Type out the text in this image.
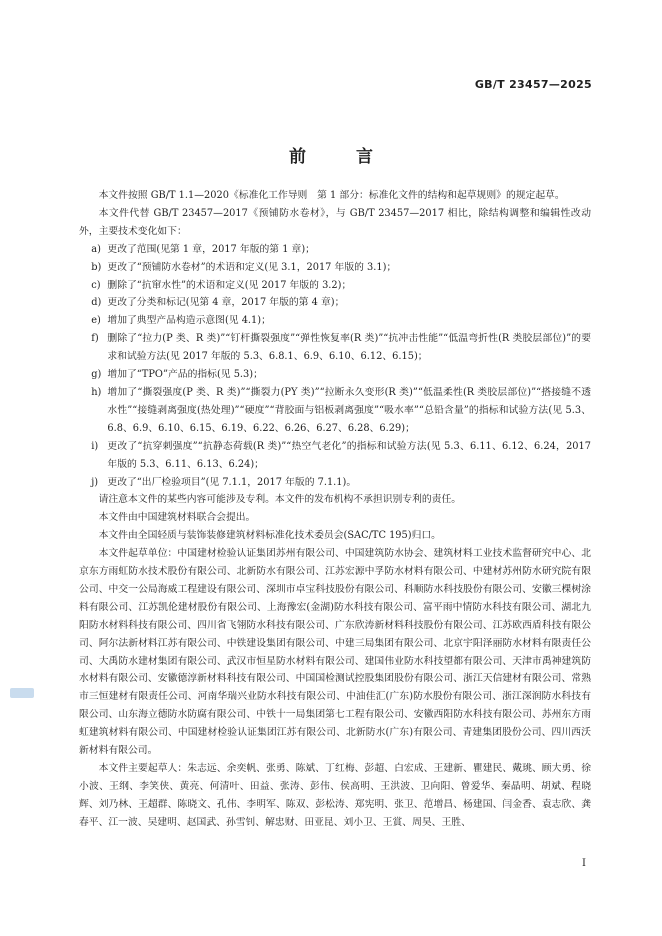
GB/T 23457—2025
前 言

本文件按照 GB/T 1.1—2020《标准化工作导则　第 1 部分：标准化文件的结构和起草规则》的规定起草。

本文件代替 GB/T 23457—2017《预铺防水卷材》，与 GB/T 23457—2017 相比，除结构调整和编辑性改动外，主要技术变化如下：

a) 更改了范围(见第 1 章，2017 年版的第 1 章)；
b) 更改了“预铺防水卷材”的术语和定义(见 3.1，2017 年版的 3.1)；
c) 删除了“抗窜水性”的术语和定义(见 2017 年版的 3.2)；
d) 更改了分类和标记(见第 4 章，2017 年版的第 4 章)；
e) 增加了典型产品构造示意图(见 4.1)；
f) 删除了“拉力(P 类、R 类)”“钉杆撕裂强度”“弹性恢复率(R 类)”“抗冲击性能”“低温弯折性(R 类胶层部位)”的要求和试验方法(见 2017 年版的 5.3、6.8.1、6.9、6.10、6.12、6.15)；
g) 增加了“TPO”产品的指标(见 5.3)；
h) 增加了“撕裂强度(P 类、R 类)”“撕裂力(PY 类)”“拉断永久变形(R 类)”“低温柔性(R 类胶层部位)”“搭接缝不透水性”“接缝剥离强度(热处理)”“硬度”“背胶面与铝板剥离强度”“吸水率”“总铅含量”的指标和试验方法(见 5.3、6.8、6.9、6.10、6.15、6.19、6.22、6.26、6.27、6.28、6.29)；
i) 更改了“抗穿刺强度”“抗静态荷载(R 类)”“热空气老化”的指标和试验方法(见 5.3、6.11、6.12、6.24，2017 年版的 5.3、6.11、6.13、6.24)；
j) 更改了“出厂检验项目”(见 7.1.1，2017 年版的 7.1.1)。

请注意本文件的某些内容可能涉及专利。本文件的发布机构不承担识别专利的责任。

本文件由中国建筑材料联合会提出。

本文件由全国轻质与装饰装修建筑材料标准化技术委员会(SAC/TC 195)归口。

本文件起草单位：中国建材检验认证集团苏州有限公司、中国建筑防水协会、建筑材料工业技术监督研究中心、北京东方雨虹防水技术股份有限公司、北新防水有限公司、江苏宏源中孚防水材料有限公司、中建材苏州防水研究院有限公司、中交一公局海威工程建设有限公司、深圳市卓宝科技股份有限公司、科顺防水科技股份有限公司、安徽三棵树涂料有限公司、江苏凯伦建材股份有限公司、上海豫宏(金湖)防水科技有限公司、富平雨中情防水科技有限公司、湖北九阳防水材料科技有限公司、四川省飞翎防水科技有限公司、广东欣涛新材料科技股份有限公司、江苏欧西盾科技有限公司、阿尔法新材料江苏有限公司、中铁建设集团有限公司、中建三局集团有限公司、北京宇阳泽丽防水材料有限责任公司、大禹防水建材集团有限公司、武汉市恒星防水材料有限公司、建国伟业防水科技望都有限公司、天津市禹神建筑防水材料有限公司、安徽德淳新材料科技有限公司、中国国检测试控股集团股份有限公司、浙江天信建材有限公司、常熟市三恒建材有限责任公司、河南华瑞兴业防水科技有限公司、中油佳汇(广东)防水股份有限公司、浙江深润防水科技有限公司、山东海立德防水防腐有限公司、中铁十一局集团第七工程有限公司、安徽西阳防水科技有限公司、苏州东方雨虹建筑材料有限公司、中国建材检验认证集团江苏有限公司、北新防水(广东)有限公司、青建集团股份公司、四川西沃新材料有限公司。

本文件主要起草人：朱志远、余奕帆、张勇、陈斌、丁红梅、彭超、白宏成、王建新、瞿建民、戴珧、顾大勇、徐小波、王纲、李笑侠、黄亮、何清叶、田益、张涛、彭伟、侯高明、王洪波、卫向阳、曾爱华、秦晶明、胡斌、程晓辉、刘乃林、王超群、陈晓文、孔伟、李明军、陈双、彭松涛、郑宪明、张卫、范增昌、杨建国、闫金香、袁志欣、龚春平、江一波、吴建明、赵国武、孙雪钊、解忠财、田亚昆、刘小卫、王賞、周昊、王胜、

I
